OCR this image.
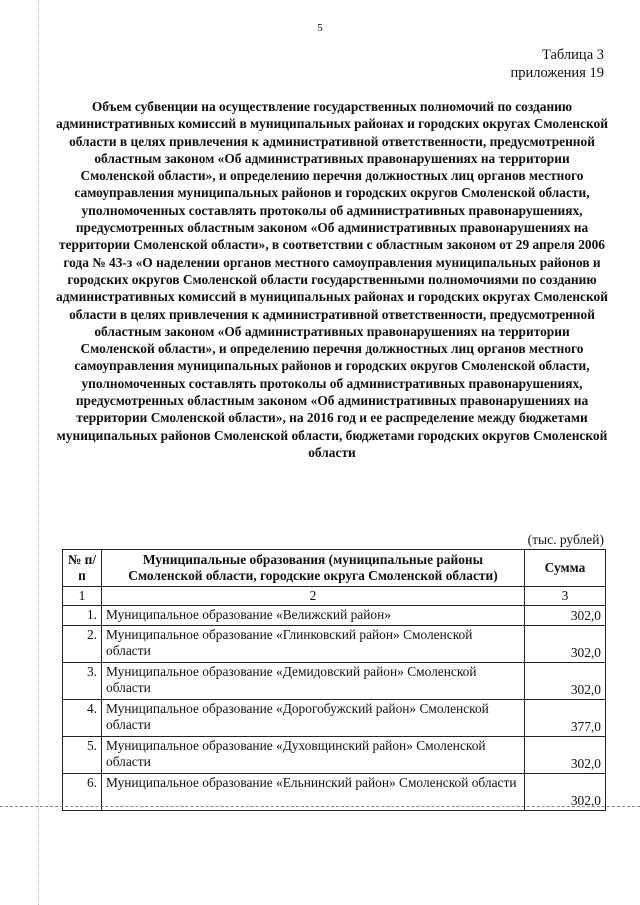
5
Таблица 3
приложения 19
Объем субвенции на осуществление государственных полномочий по созданию административных комиссий в муниципальных районах и городских округах Смоленской области в целях привлечения к административной ответственности, предусмотренной областным законом «Об административных правонарушениях на территории Смоленской области», и определению перечня должностных лиц органов местного самоуправления муниципальных районов и городских округов Смоленской области, уполномоченных составлять протоколы об административных правонарушениях, предусмотренных областным законом «Об административных правонарушениях на территории Смоленской области», в соответствии с областным законом от 29 апреля 2006 года № 43-з «О наделении органов местного самоуправления муниципальных районов и городских округов Смоленской области государственными полномочиями по созданию административных комиссий в муниципальных районах и городских округах Смоленской области в целях привлечения к административной ответственности, предусмотренной областным законом «Об административных правонарушениях на территории Смоленской области», и определению перечня должностных лиц органов местного самоуправления муниципальных районов и городских округов Смоленской области, уполномоченных составлять протоколы об административных правонарушениях, предусмотренных областным законом «Об административных правонарушениях на территории Смоленской области», на 2016 год и ее распределение между бюджетами муниципальных районов Смоленской области, бюджетами городских округов Смоленской области
(тыс. рублей)
№ п/п	Муниципальные образования (муниципальные районы Смоленской области, городские округа Смоленской области)	Сумма
1	2	3
1.	Муниципальное образование «Велижский район»	302,0
2.	Муниципальное образование «Глинковский район» Смоленской области	302,0
3.	Муниципальное образование «Демидовский район» Смоленской области	302,0
4.	Муниципальное образование «Дорогобужский район» Смоленской области	377,0
5.	Муниципальное образование «Духовщинский район» Смоленской области	302,0
6.	Муниципальное образование «Ельнинский район» Смоленской области	302,0
